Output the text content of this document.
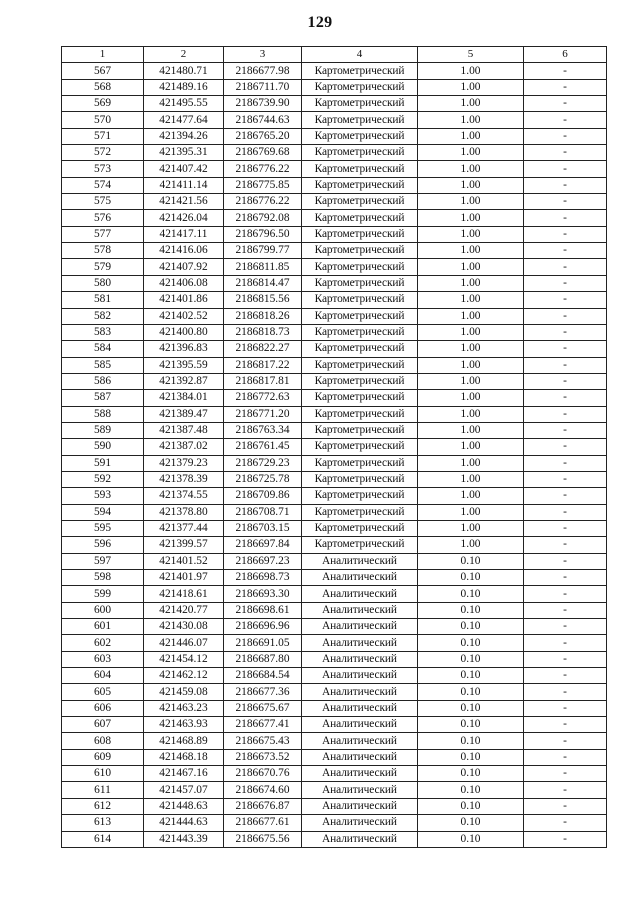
129
1	2	3	4	5	6
567	421480.71	2186677.98	Картометрический	1.00	-
568	421489.16	2186711.70	Картометрический	1.00	-
569	421495.55	2186739.90	Картометрический	1.00	-
570	421477.64	2186744.63	Картометрический	1.00	-
571	421394.26	2186765.20	Картометрический	1.00	-
572	421395.31	2186769.68	Картометрический	1.00	-
573	421407.42	2186776.22	Картометрический	1.00	-
574	421411.14	2186775.85	Картометрический	1.00	-
575	421421.56	2186776.22	Картометрический	1.00	-
576	421426.04	2186792.08	Картометрический	1.00	-
577	421417.11	2186796.50	Картометрический	1.00	-
578	421416.06	2186799.77	Картометрический	1.00	-
579	421407.92	2186811.85	Картометрический	1.00	-
580	421406.08	2186814.47	Картометрический	1.00	-
581	421401.86	2186815.56	Картометрический	1.00	-
582	421402.52	2186818.26	Картометрический	1.00	-
583	421400.80	2186818.73	Картометрический	1.00	-
584	421396.83	2186822.27	Картометрический	1.00	-
585	421395.59	2186817.22	Картометрический	1.00	-
586	421392.87	2186817.81	Картометрический	1.00	-
587	421384.01	2186772.63	Картометрический	1.00	-
588	421389.47	2186771.20	Картометрический	1.00	-
589	421387.48	2186763.34	Картометрический	1.00	-
590	421387.02	2186761.45	Картометрический	1.00	-
591	421379.23	2186729.23	Картометрический	1.00	-
592	421378.39	2186725.78	Картометрический	1.00	-
593	421374.55	2186709.86	Картометрический	1.00	-
594	421378.80	2186708.71	Картометрический	1.00	-
595	421377.44	2186703.15	Картометрический	1.00	-
596	421399.57	2186697.84	Картометрический	1.00	-
597	421401.52	2186697.23	Аналитический	0.10	-
598	421401.97	2186698.73	Аналитический	0.10	-
599	421418.61	2186693.30	Аналитический	0.10	-
600	421420.77	2186698.61	Аналитический	0.10	-
601	421430.08	2186696.96	Аналитический	0.10	-
602	421446.07	2186691.05	Аналитический	0.10	-
603	421454.12	2186687.80	Аналитический	0.10	-
604	421462.12	2186684.54	Аналитический	0.10	-
605	421459.08	2186677.36	Аналитический	0.10	-
606	421463.23	2186675.67	Аналитический	0.10	-
607	421463.93	2186677.41	Аналитический	0.10	-
608	421468.89	2186675.43	Аналитический	0.10	-
609	421468.18	2186673.52	Аналитический	0.10	-
610	421467.16	2186670.76	Аналитический	0.10	-
611	421457.07	2186674.60	Аналитический	0.10	-
612	421448.63	2186676.87	Аналитический	0.10	-
613	421444.63	2186677.61	Аналитический	0.10	-
614	421443.39	2186675.56	Аналитический	0.10	-
